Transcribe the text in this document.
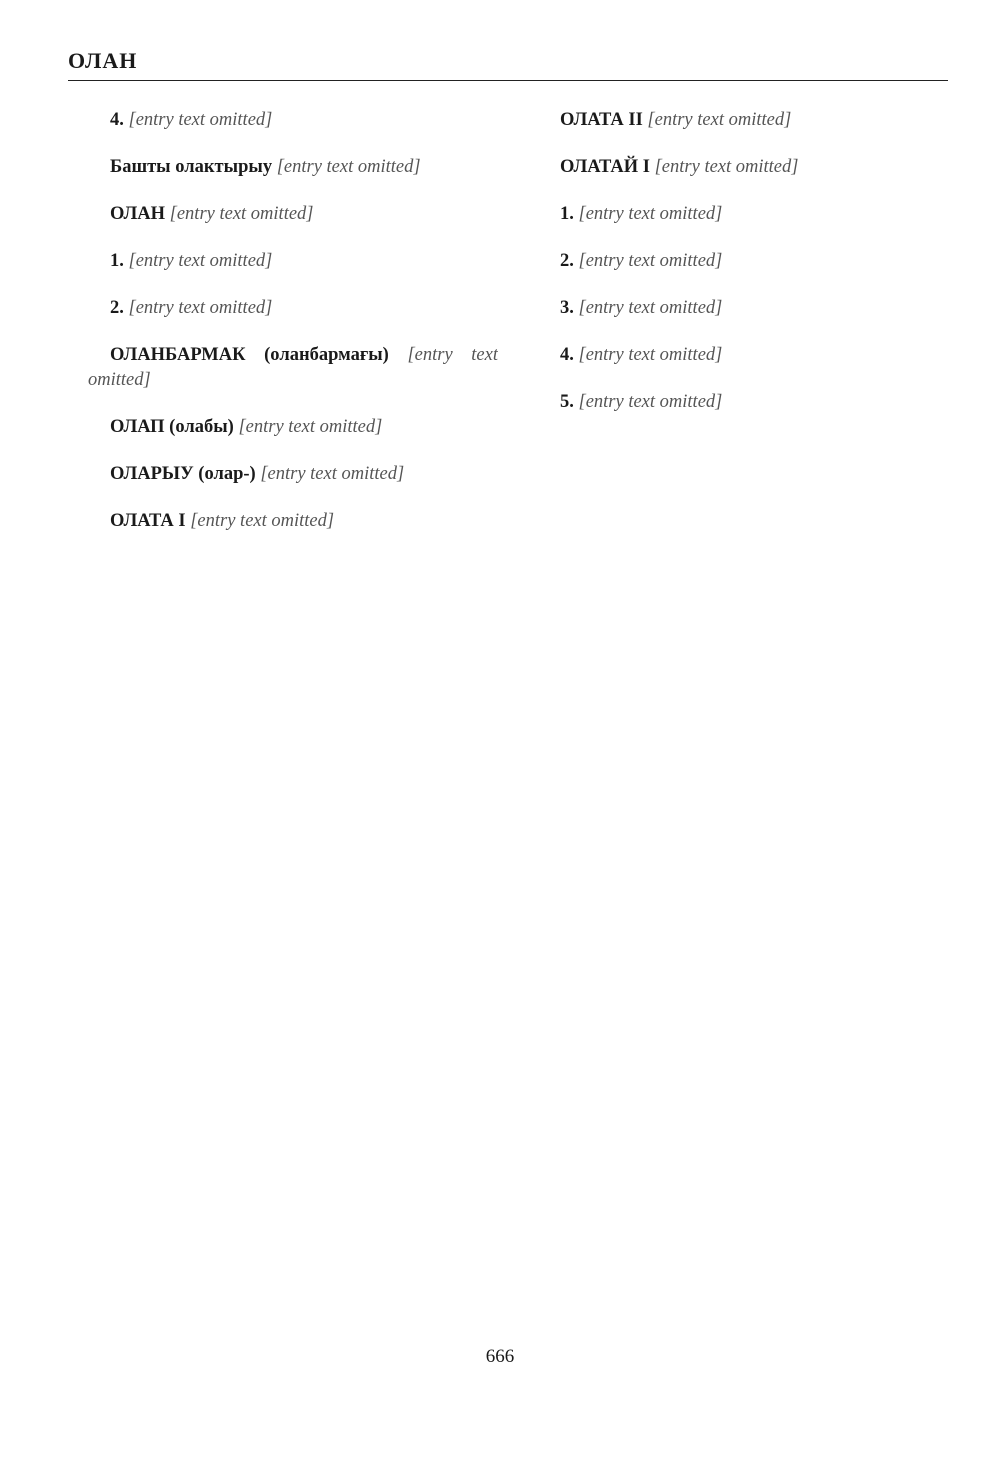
ОЛАН

4. [entry text omitted]

Башты олактырыу [entry text omitted]

ОЛАН [entry text omitted]

1. [entry text omitted]

2. [entry text omitted]

ОЛАНБАРМАК (оланбармағы) [entry text omitted]

ОЛАП (олабы) [entry text omitted]

ОЛАРЫУ (олар-) [entry text omitted]

ОЛАТА I [entry text omitted]

ОЛАТА II [entry text omitted]

ОЛАТАЙ I [entry text omitted]

1. [entry text omitted]

2. [entry text omitted]

3. [entry text omitted]

4. [entry text omitted]

5. [entry text omitted]

666
